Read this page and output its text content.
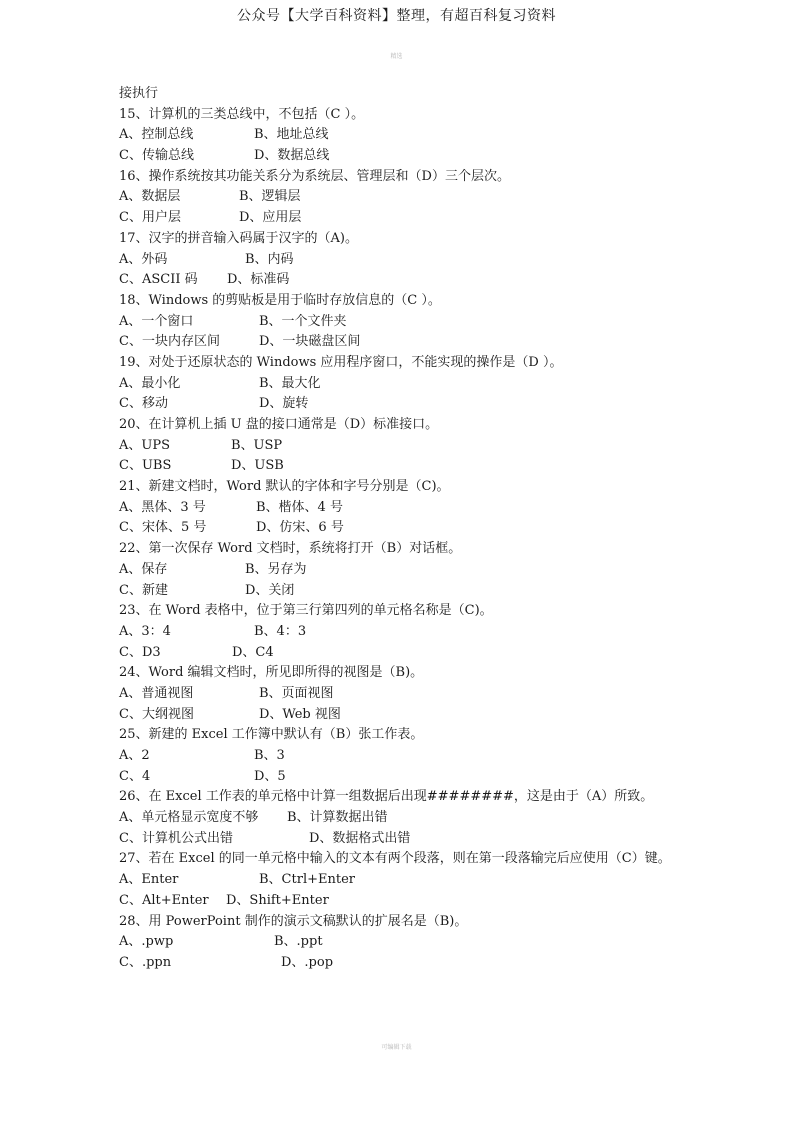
公众号【大学百科资料】整理，有超百科复习资料
精选
接执行
15、计算机的三类总线中，不包括（C ）。
A、控制总线	B、地址总线
C、传输总线	D、数据总线
16、操作系统按其功能关系分为系统层、管理层和（D）三个层次。
A、数据层	B、逻辑层
C、用户层	D、应用层
17、汉字的拼音输入码属于汉字的（A)。
A、外码	B、内码
C、ASCII 码 D、标准码
18、Windows 的剪贴板是用于临时存放信息的（C ）。
A、一个窗口	B、一个文件夹
C、一块内存区间	D、一块磁盘区间
19、对处于还原状态的 Windows 应用程序窗口，不能实现的操作是（D ）。
A、最小化	B、最大化
C、移动	D、旋转
20、在计算机上插 U 盘的接口通常是（D）标准接口。
A、UPS	B、USP
C、UBS	D、USB
21、新建文档时，Word 默认的字体和字号分别是（C)。
A、黑体、3 号	B、楷体、4 号
C、宋体、5 号	D、仿宋、6 号
22、第一次保存 Word 文档时，系统将打开（B）对话框。
A、保存	B、另存为
C、新建	D、关闭
23、在 Word 表格中，位于第三行第四列的单元格名称是（C)。
A、3：4	B、4：3
C、D3	D、C4
24、Word 编辑文档时，所见即所得的视图是（B)。
A、普通视图	B、页面视图
C、大纲视图	D、Web 视图
25、新建的 Excel 工作簿中默认有（B）张工作表。
A、2	B、3
C、4	D、5
26、在 Excel 工作表的单元格中计算一组数据后出现########，这是由于（A）所致。
A、单元格显示宽度不够 B、计算数据出错
C、计算机公式出错	D、数据格式出错
27、若在 Excel 的同一单元格中输入的文本有两个段落，则在第一段落输完后应使用（C）键。
A、Enter	B、Ctrl+Enter
C、Alt+Enter D、Shift+Enter
28、用 PowerPoint 制作的演示文稿默认的扩展名是（B)。
A、.pwp	B、.ppt
C、.ppn	D、.pop
可编辑下载
